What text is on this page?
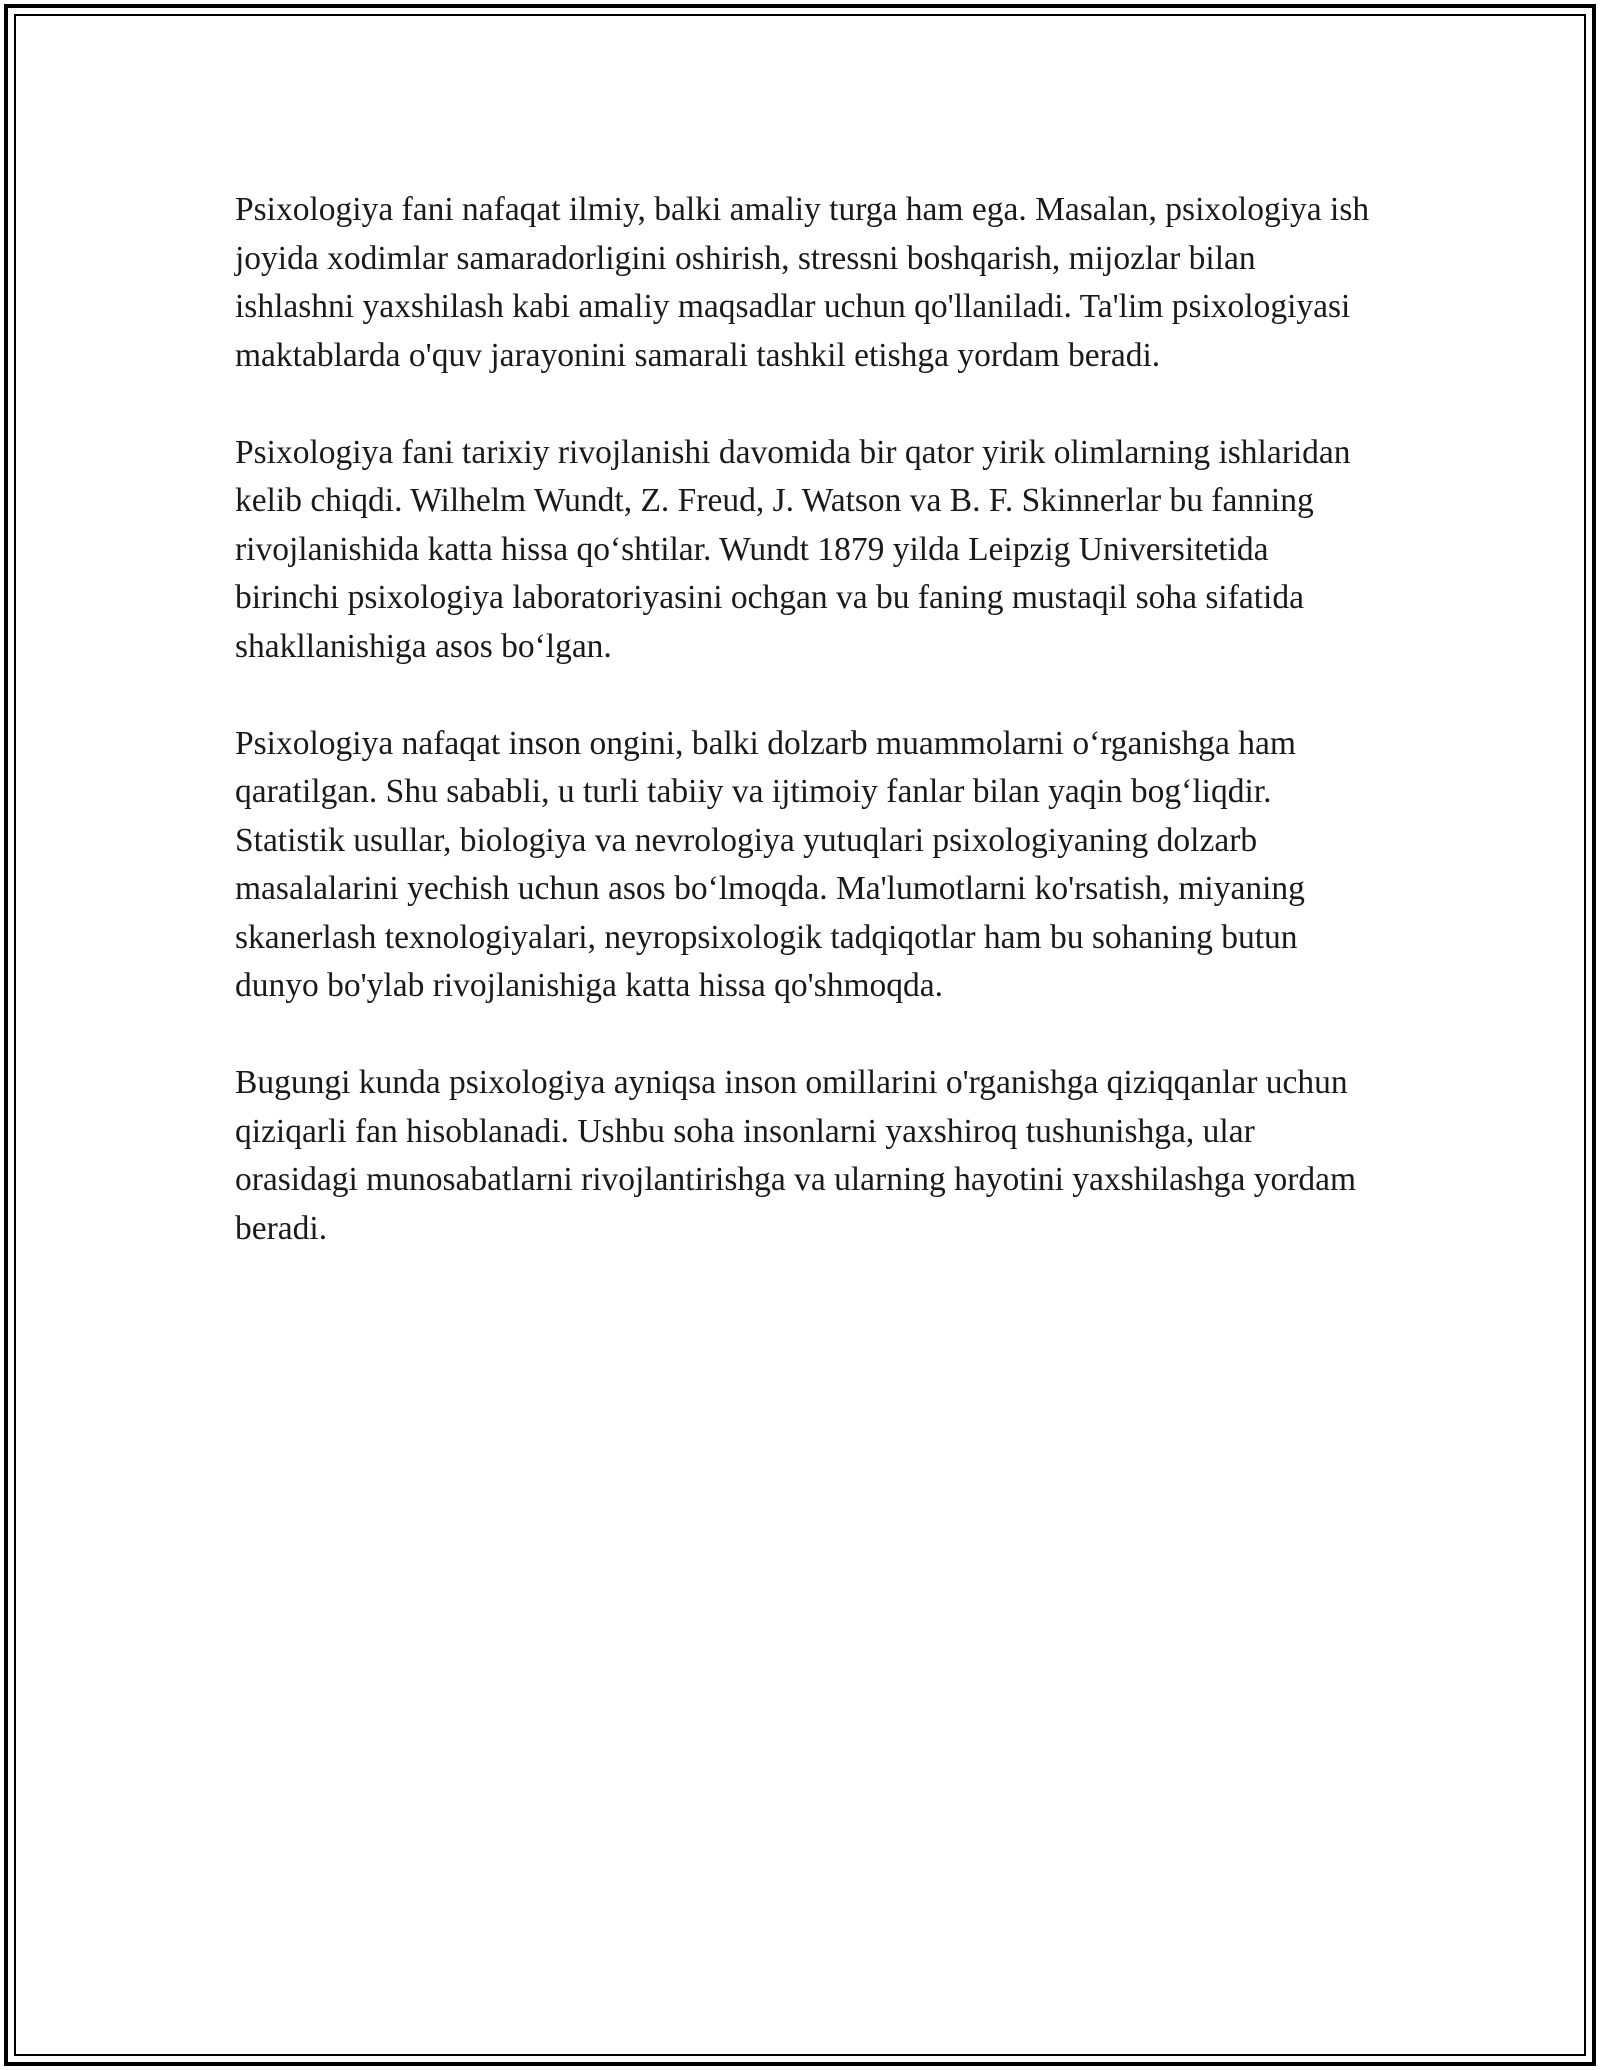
Psixologiya fani nafaqat ilmiy, balki amaliy turga ham ega. Masalan, psixologiya ish joyida xodimlar samaradorligini oshirish, stressni boshqarish, mijozlar bilan ishlashni yaxshilash kabi amaliy maqsadlar uchun qo'llaniladi. Ta'lim psixologiyasi maktablarda o'quv jarayonini samarali tashkil etishga yordam beradi.

Psixologiya fani tarixiy rivojlanishi davomida bir qator yirik olimlarning ishlaridan kelib chiqdi. Wilhelm Wundt, Z. Freud, J. Watson va B. F. Skinnerlar bu fanning rivojlanishida katta hissa qo‘shtilar. Wundt 1879 yilda Leipzig Universitetida birinchi psixologiya laboratoriyasini ochgan va bu faning mustaqil soha sifatida shakllanishiga asos bo‘lgan.

Psixologiya nafaqat inson ongini, balki dolzarb muammolarni o‘rganishga ham qaratilgan. Shu sababli, u turli tabiiy va ijtimoiy fanlar bilan yaqin bog‘liqdir. Statistik usullar, biologiya va nevrologiya yutuqlari psixologiyaning dolzarb masalalarini yechish uchun asos bo‘lmoqda. Ma'lumotlarni ko'rsatish, miyaning skanerlash texnologiyalari, neyropsixologik tadqiqotlar ham bu sohaning butun dunyo bo'ylab rivojlanishiga katta hissa qo'shmoqda.

Bugungi kunda psixologiya ayniqsa inson omillarini o'rganishga qiziqqanlar uchun qiziqarli fan hisoblanadi. Ushbu soha insonlarni yaxshiroq tushunishga, ular orasidagi munosabatlarni rivojlantirishga va ularning hayotini yaxshilashga yordam beradi.
